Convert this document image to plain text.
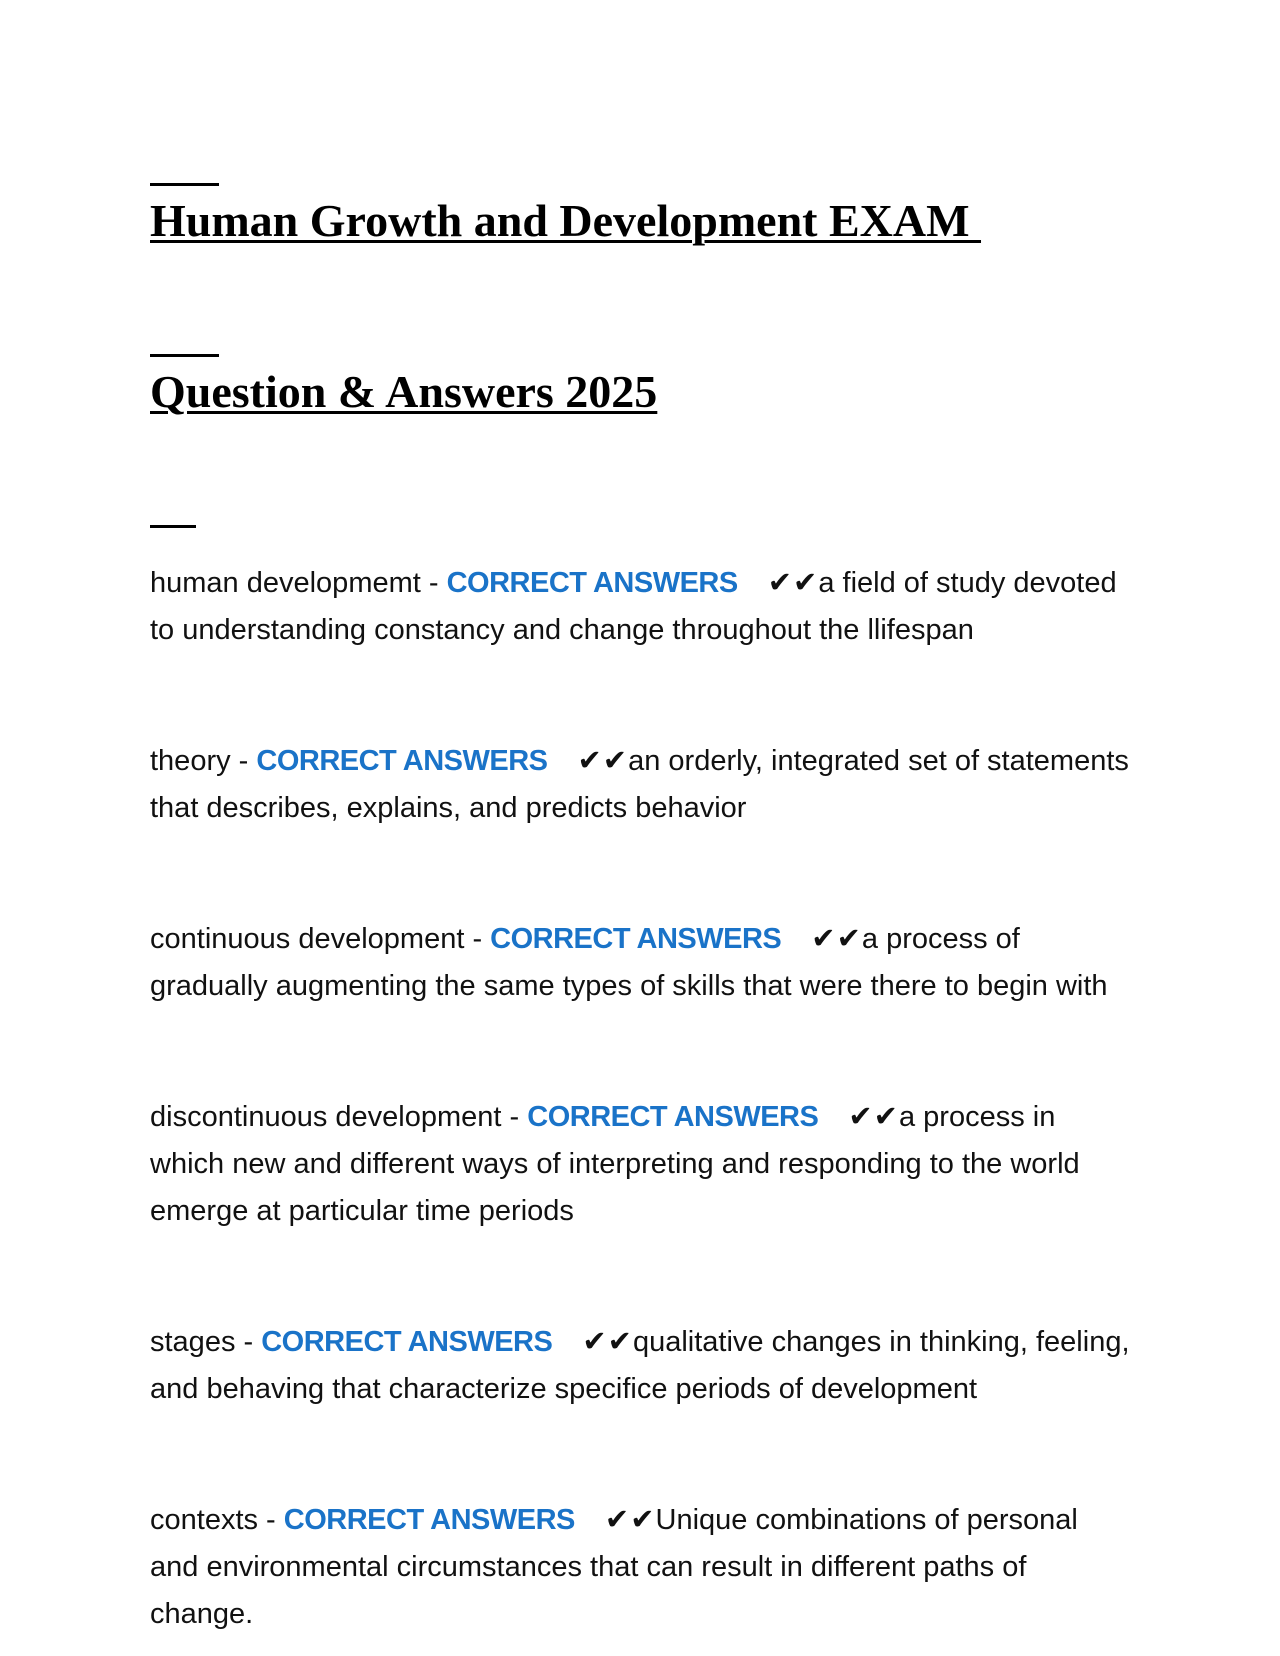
Human Growth and Development EXAM

Question & Answers 2025

human developmemt - CORRECT ANSWERS ✔✔a field of study devoted to understanding constancy and change throughout the llifespan

theory - CORRECT ANSWERS ✔✔an orderly, integrated set of statements that describes, explains, and predicts behavior

continuous development - CORRECT ANSWERS ✔✔a process of gradually augmenting the same types of skills that were there to begin with

discontinuous development - CORRECT ANSWERS ✔✔a process in which new and different ways of interpreting and responding to the world emerge at particular time periods

stages - CORRECT ANSWERS ✔✔qualitative changes in thinking, feeling, and behaving that characterize specifice periods of development

contexts - CORRECT ANSWERS ✔✔Unique combinations of personal and environmental circumstances that can result in different paths of change.
